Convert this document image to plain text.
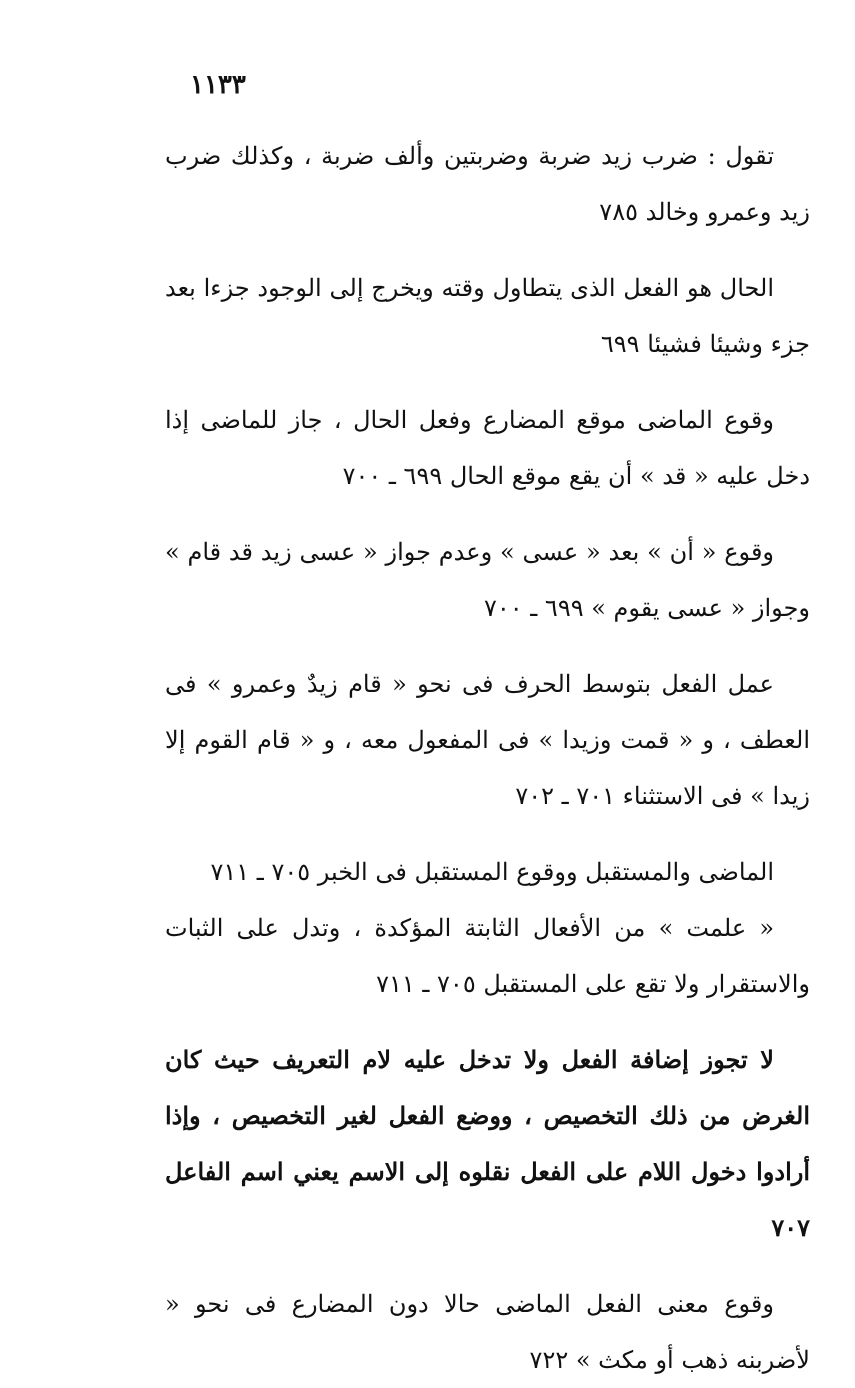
١١٣٣

تقول : ضرب زيد ضربة وضربتين وألف ضربة ، وكذلك ضرب زيد وعمرو وخالد ٧٨٥

الحال هو الفعل الذى يتطاول وقته ويخرج إلى الوجود جزءا بعد جزء وشيئا فشيئا ٦٩٩

وقوع الماضى موقع المضارع وفعل الحال ، جاز للماضى إذا دخل عليه « قد » أن يقع موقع الحال ٦٩٩ ـ ٧٠٠

وقوع « أن » بعد « عسى » وعدم جواز « عسى زيد قد قام » وجواز « عسى يقوم » ٦٩٩ ـ ٧٠٠

عمل الفعل بتوسط الحرف فى نحو « قام زيدٌ وعمرو » فى العطف ، و « قمت وزيدا » فى المفعول معه ، و « قام القوم إلا زيدا » فى الاستثناء ٧٠١ ـ ٧٠٢

الماضى والمستقبل ووقوع المستقبل فى الخبر ٧٠٥ ـ ٧١١

« علمت » من الأفعال الثابتة المؤكدة ، وتدل على الثبات والاستقرار ولا تقع على المستقبل ٧٠٥ ـ ٧١١

لا تجوز إضافة الفعل ولا تدخل عليه لام التعريف حيث كان الغرض من ذلك التخصيص ، ووضع الفعل لغير التخصيص ، وإذا أرادوا دخول اللام على الفعل نقلوه إلى الاسم يعني اسم الفاعل ٧٠٧

وقوع معنى الفعل الماضى حالا دون المضارع فى نحو « لأضربنه ذهب أو مكث » ٧٢٢
